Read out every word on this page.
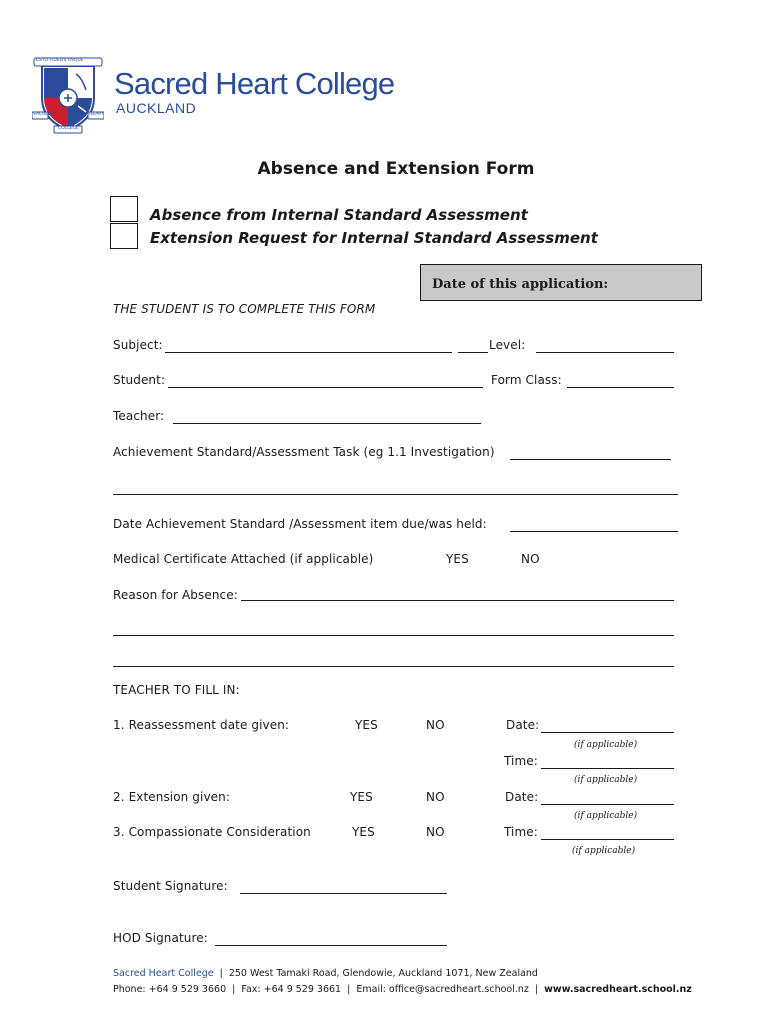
ESTO FIDELIS USQUE
SACRED	HEART
COLLEGE
Sacred Heart College
AUCKLAND
Absence and Extension Form
Absence from Internal Standard Assessment
Extension Request for Internal Standard Assessment
Date of this application:
THE STUDENT IS TO COMPLETE THIS FORM
Subject:	Level:
Student:	Form Class:
Teacher:
Achievement Standard/Assessment Task (eg 1.1 Investigation)
Date Achievement Standard /Assessment item due/was held:
Medical Certificate Attached (if applicable)	YES	NO
Reason for Absence:
TEACHER TO FILL IN:
1. Reassessment date given:	YES	NO	Date:
(if applicable)
Time:
(if applicable)
2. Extension given:	YES	NO	Date:
(if applicable)
3. Compassionate Consideration	YES	NO	Time:
(if applicable)
Student Signature:
HOD Signature:
Sacred Heart College | 250 West Tamaki Road, Glendowie, Auckland 1071, New Zealand
Phone: +64 9 529 3660 | Fax: +64 9 529 3661 | Email: office@sacredheart.school.nz | www.sacredheart.school.nz
